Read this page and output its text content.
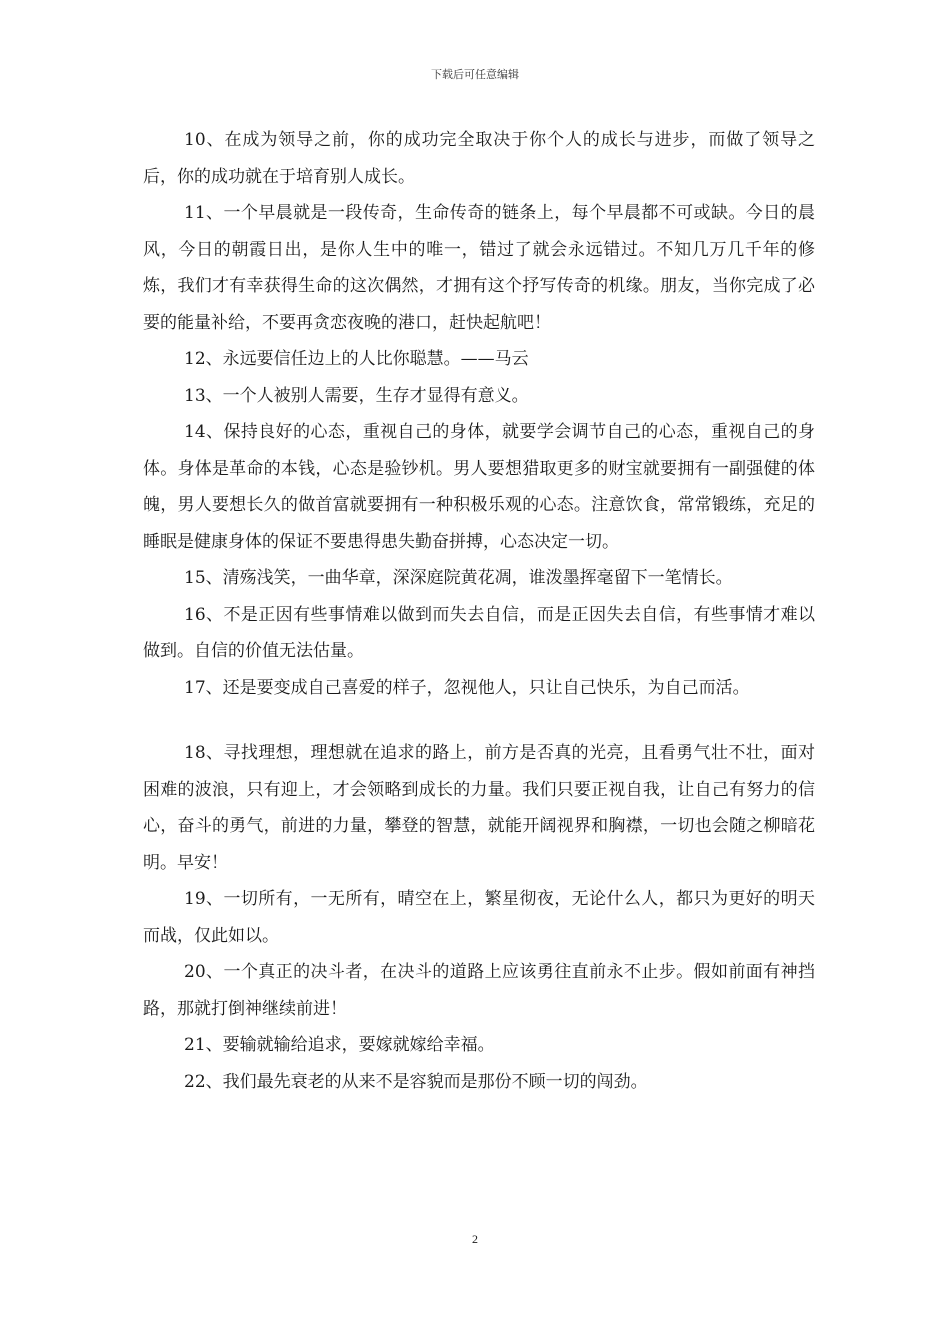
下载后可任意编辑

10、在成为领导之前，你的成功完全取决于你个人的成长与进步，而做了领导之后，你的成功就在于培育别人成长。

11、一个早晨就是一段传奇，生命传奇的链条上，每个早晨都不可或缺。今日的晨风，今日的朝霞日出，是你人生中的唯一，错过了就会永远错过。不知几万几千年的修炼，我们才有幸获得生命的这次偶然，才拥有这个抒写传奇的机缘。朋友，当你完成了必要的能量补给，不要再贪恋夜晚的港口，赶快起航吧！

12、永远要信任边上的人比你聪慧。——马云

13、一个人被别人需要，生存才显得有意义。

14、保持良好的心态，重视自己的身体，就要学会调节自己的心态，重视自己的身体。身体是革命的本钱，心态是验钞机。男人要想猎取更多的财宝就要拥有一副强健的体魄，男人要想长久的做首富就要拥有一种积极乐观的心态。注意饮食，常常锻练，充足的睡眠是健康身体的保证不要患得患失勤奋拼搏，心态决定一切。

15、清殇浅笑，一曲华章，深深庭院黄花凋，谁泼墨挥毫留下一笔情长。

16、不是正因有些事情难以做到而失去自信，而是正因失去自信，有些事情才难以做到。自信的价值无法估量。

17、还是要变成自己喜爱的样子，忽视他人，只让自己快乐，为自己而活。

18、寻找理想，理想就在追求的路上，前方是否真的光亮，且看勇气壮不壮，面对困难的波浪，只有迎上，才会领略到成长的力量。我们只要正视自我，让自己有努力的信心，奋斗的勇气，前进的力量，攀登的智慧，就能开阔视界和胸襟，一切也会随之柳暗花明。早安！

19、一切所有，一无所有，晴空在上，繁星彻夜，无论什么人，都只为更好的明天而战，仅此如以。

20、一个真正的决斗者，在决斗的道路上应该勇往直前永不止步。假如前面有神挡路，那就打倒神继续前进！

21、要输就输给追求，要嫁就嫁给幸福。

22、我们最先衰老的从来不是容貌而是那份不顾一切的闯劲。

2
